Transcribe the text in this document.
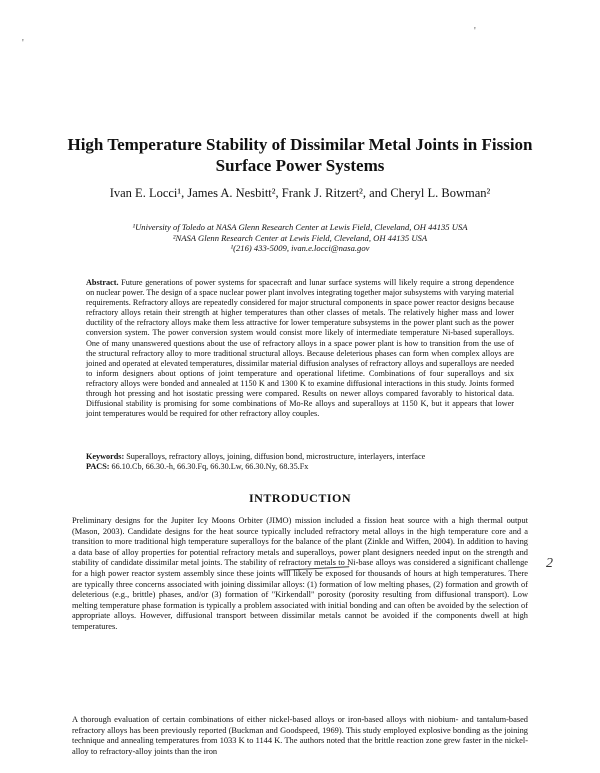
'
'
High Temperature Stability of Dissimilar Metal Joints in Fission Surface Power Systems
Ivan E. Locci¹, James A. Nesbitt², Frank J. Ritzert², and Cheryl L. Bowman²
¹University of Toledo at NASA Glenn Research Center at Lewis Field, Cleveland, OH 44135 USA
²NASA Glenn Research Center at Lewis Field, Cleveland, OH 44135 USA
¹(216) 433-5009, ivan.e.locci@nasa.gov
Abstract. Future generations of power systems for spacecraft and lunar surface systems will likely require a strong dependence on nuclear power. The design of a space nuclear power plant involves integrating together major subsystems with varying material requirements. Refractory alloys are repeatedly considered for major structural components in space power reactor designs because refractory alloys retain their strength at higher temperatures than other classes of metals. The relatively higher mass and lower ductility of the refractory alloys make them less attractive for lower temperature subsystems in the power plant such as the power conversion system. The power conversion system would consist more likely of intermediate temperature Ni-based superalloys. One of many unanswered questions about the use of refractory alloys in a space power plant is how to transition from the use of the structural refractory alloy to more traditional structural alloys. Because deleterious phases can form when complex alloys are joined and operated at elevated temperatures, dissimilar material diffusion analyses of refractory alloys and superalloys are needed to inform designers about options of joint temperature and operational lifetime. Combinations of four superalloys and six refractory alloys were bonded and annealed at 1150 K and 1300 K to examine diffusional interactions in this study. Joints formed through hot pressing and hot isostatic pressing were compared. Results on newer alloys compared favorably to historical data. Diffusional stability is promising for some combinations of Mo-Re alloys and superalloys at 1150 K, but it appears that lower joint temperatures would be required for other refractory alloy couples.
Keywords: Superalloys, refractory alloys, joining, diffusion bond, microstructure, interlayers, interface
PACS: 66.10.Cb, 66.30.-h, 66.30.Fq, 66.30.Lw, 66.30.Ny, 68.35.Fx
INTRODUCTION
Preliminary designs for the Jupiter Icy Moons Orbiter (JIMO) mission included a fission heat source with a high thermal output (Mason, 2003). Candidate designs for the heat source typically included refractory metal alloys in the high temperature core and a transition to more traditional high temperature superalloys for the balance of the plant (Zinkle and Wiffen, 2004). In addition to having a data base of alloy properties for potential refractory metals and superalloys, power plant designers needed input on the strength and stability of candidate dissimilar metal joints. The stability of refractory metals to Ni-base alloys was considered a significant challenge for a high power reactor system assembly since these joints will likely be exposed for thousands of hours at high temperatures. There are typically three concerns associated with joining dissimilar alloys: (1) formation of low melting phases, (2) formation and growth of deleterious (e.g., brittle) phases, and/or (3) formation of "Kirkendall" porosity (porosity resulting from diffusional transport). Low melting temperature phase formation is typically a problem associated with initial bonding and can often be avoided by the selection of appropriate alloys. However, diffusional transport between dissimilar metals cannot be avoided if the components dwell at high temperatures.
2
A thorough evaluation of certain combinations of either nickel-based alloys or iron-based alloys with niobium- and tantalum-based refractory alloys has been previously reported (Buckman and Goodspeed, 1969). This study employed explosive bonding as the joining technique and annealing temperatures from 1033 K to 1144 K. The authors noted that the brittle reaction zone grew faster in the nickel-alloy to refractory-alloy joints than the iron
